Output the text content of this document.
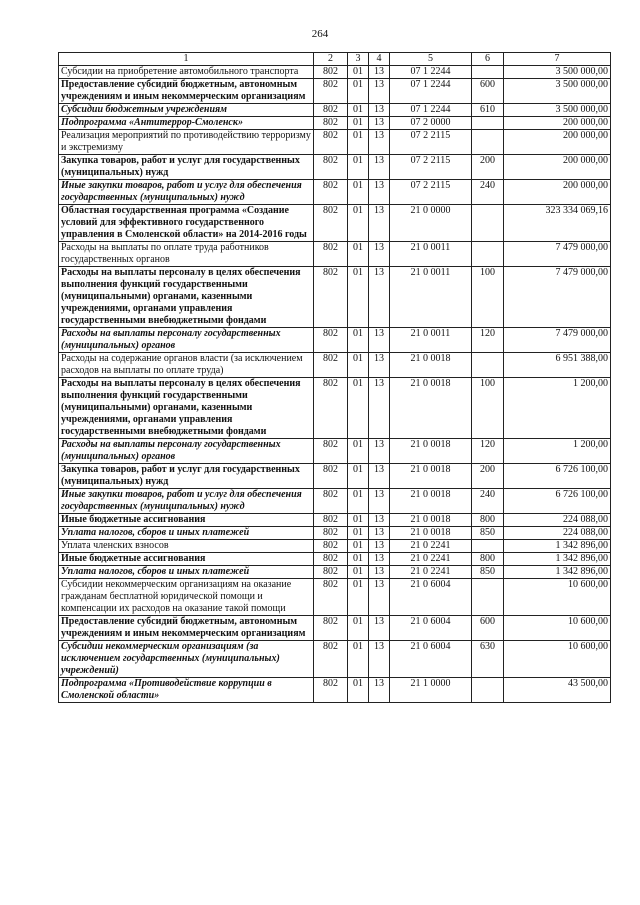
264
1	2	3	4	5	6	7
Субсидии на приобретение автомобильного транспорта	802	01	13	07 1 2244		3 500 000,00
Предоставление субсидий бюджетным, автономным учреждениям и иным некоммерческим организациям	802	01	13	07 1 2244	600	3 500 000,00
Субсидии бюджетным учреждениям	802	01	13	07 1 2244	610	3 500 000,00
Подпрограмма «Антитеррор-Смоленск»	802	01	13	07 2 0000		200 000,00
Реализация мероприятий по противодействию терроризму и экстремизму	802	01	13	07 2 2115		200 000,00
Закупка товаров, работ и услуг для государственных (муниципальных) нужд	802	01	13	07 2 2115	200	200 000,00
Иные закупки товаров, работ и услуг для обеспечения государственных (муниципальных) нужд	802	01	13	07 2 2115	240	200 000,00
Областная государственная программа «Создание условий для эффективного государственного управления в Смоленской области» на 2014-2016 годы	802	01	13	21 0 0000		323 334 069,16
Расходы на выплаты по оплате труда работников государственных органов	802	01	13	21 0 0011		7 479 000,00
Расходы на выплаты персоналу в целях обеспечения выполнения функций государственными (муниципальными) органами, казенными учреждениями, органами управления государственными внебюджетными фондами	802	01	13	21 0 0011	100	7 479 000,00
Расходы на выплаты персоналу государственных (муниципальных) органов	802	01	13	21 0 0011	120	7 479 000,00
Расходы на содержание органов власти (за исключением расходов на выплаты по оплате труда)	802	01	13	21 0 0018		6 951 388,00
Расходы на выплаты персоналу в целях обеспечения выполнения функций государственными (муниципальными) органами, казенными учреждениями, органами управления государственными внебюджетными фондами	802	01	13	21 0 0018	100	1 200,00
Расходы на выплаты персоналу государственных (муниципальных) органов	802	01	13	21 0 0018	120	1 200,00
Закупка товаров, работ и услуг для государственных (муниципальных) нужд	802	01	13	21 0 0018	200	6 726 100,00
Иные закупки товаров, работ и услуг для обеспечения государственных (муниципальных) нужд	802	01	13	21 0 0018	240	6 726 100,00
Иные бюджетные ассигнования	802	01	13	21 0 0018	800	224 088,00
Уплата налогов, сборов и иных платежей	802	01	13	21 0 0018	850	224 088,00
Уплата членских взносов	802	01	13	21 0 2241		1 342 896,00
Иные бюджетные ассигнования	802	01	13	21 0 2241	800	1 342 896,00
Уплата налогов, сборов и иных платежей	802	01	13	21 0 2241	850	1 342 896,00
Субсидии некоммерческим организациям на оказание гражданам бесплатной юридической помощи и компенсации их расходов на оказание такой помощи	802	01	13	21 0 6004		10 600,00
Предоставление субсидий бюджетным, автономным учреждениям и иным некоммерческим организациям	802	01	13	21 0 6004	600	10 600,00
Субсидии некоммерческим организациям (за исключением государственных (муниципальных) учреждений)	802	01	13	21 0 6004	630	10 600,00
Подпрограмма «Противодействие коррупции в Смоленской области»	802	01	13	21 1 0000		43 500,00
